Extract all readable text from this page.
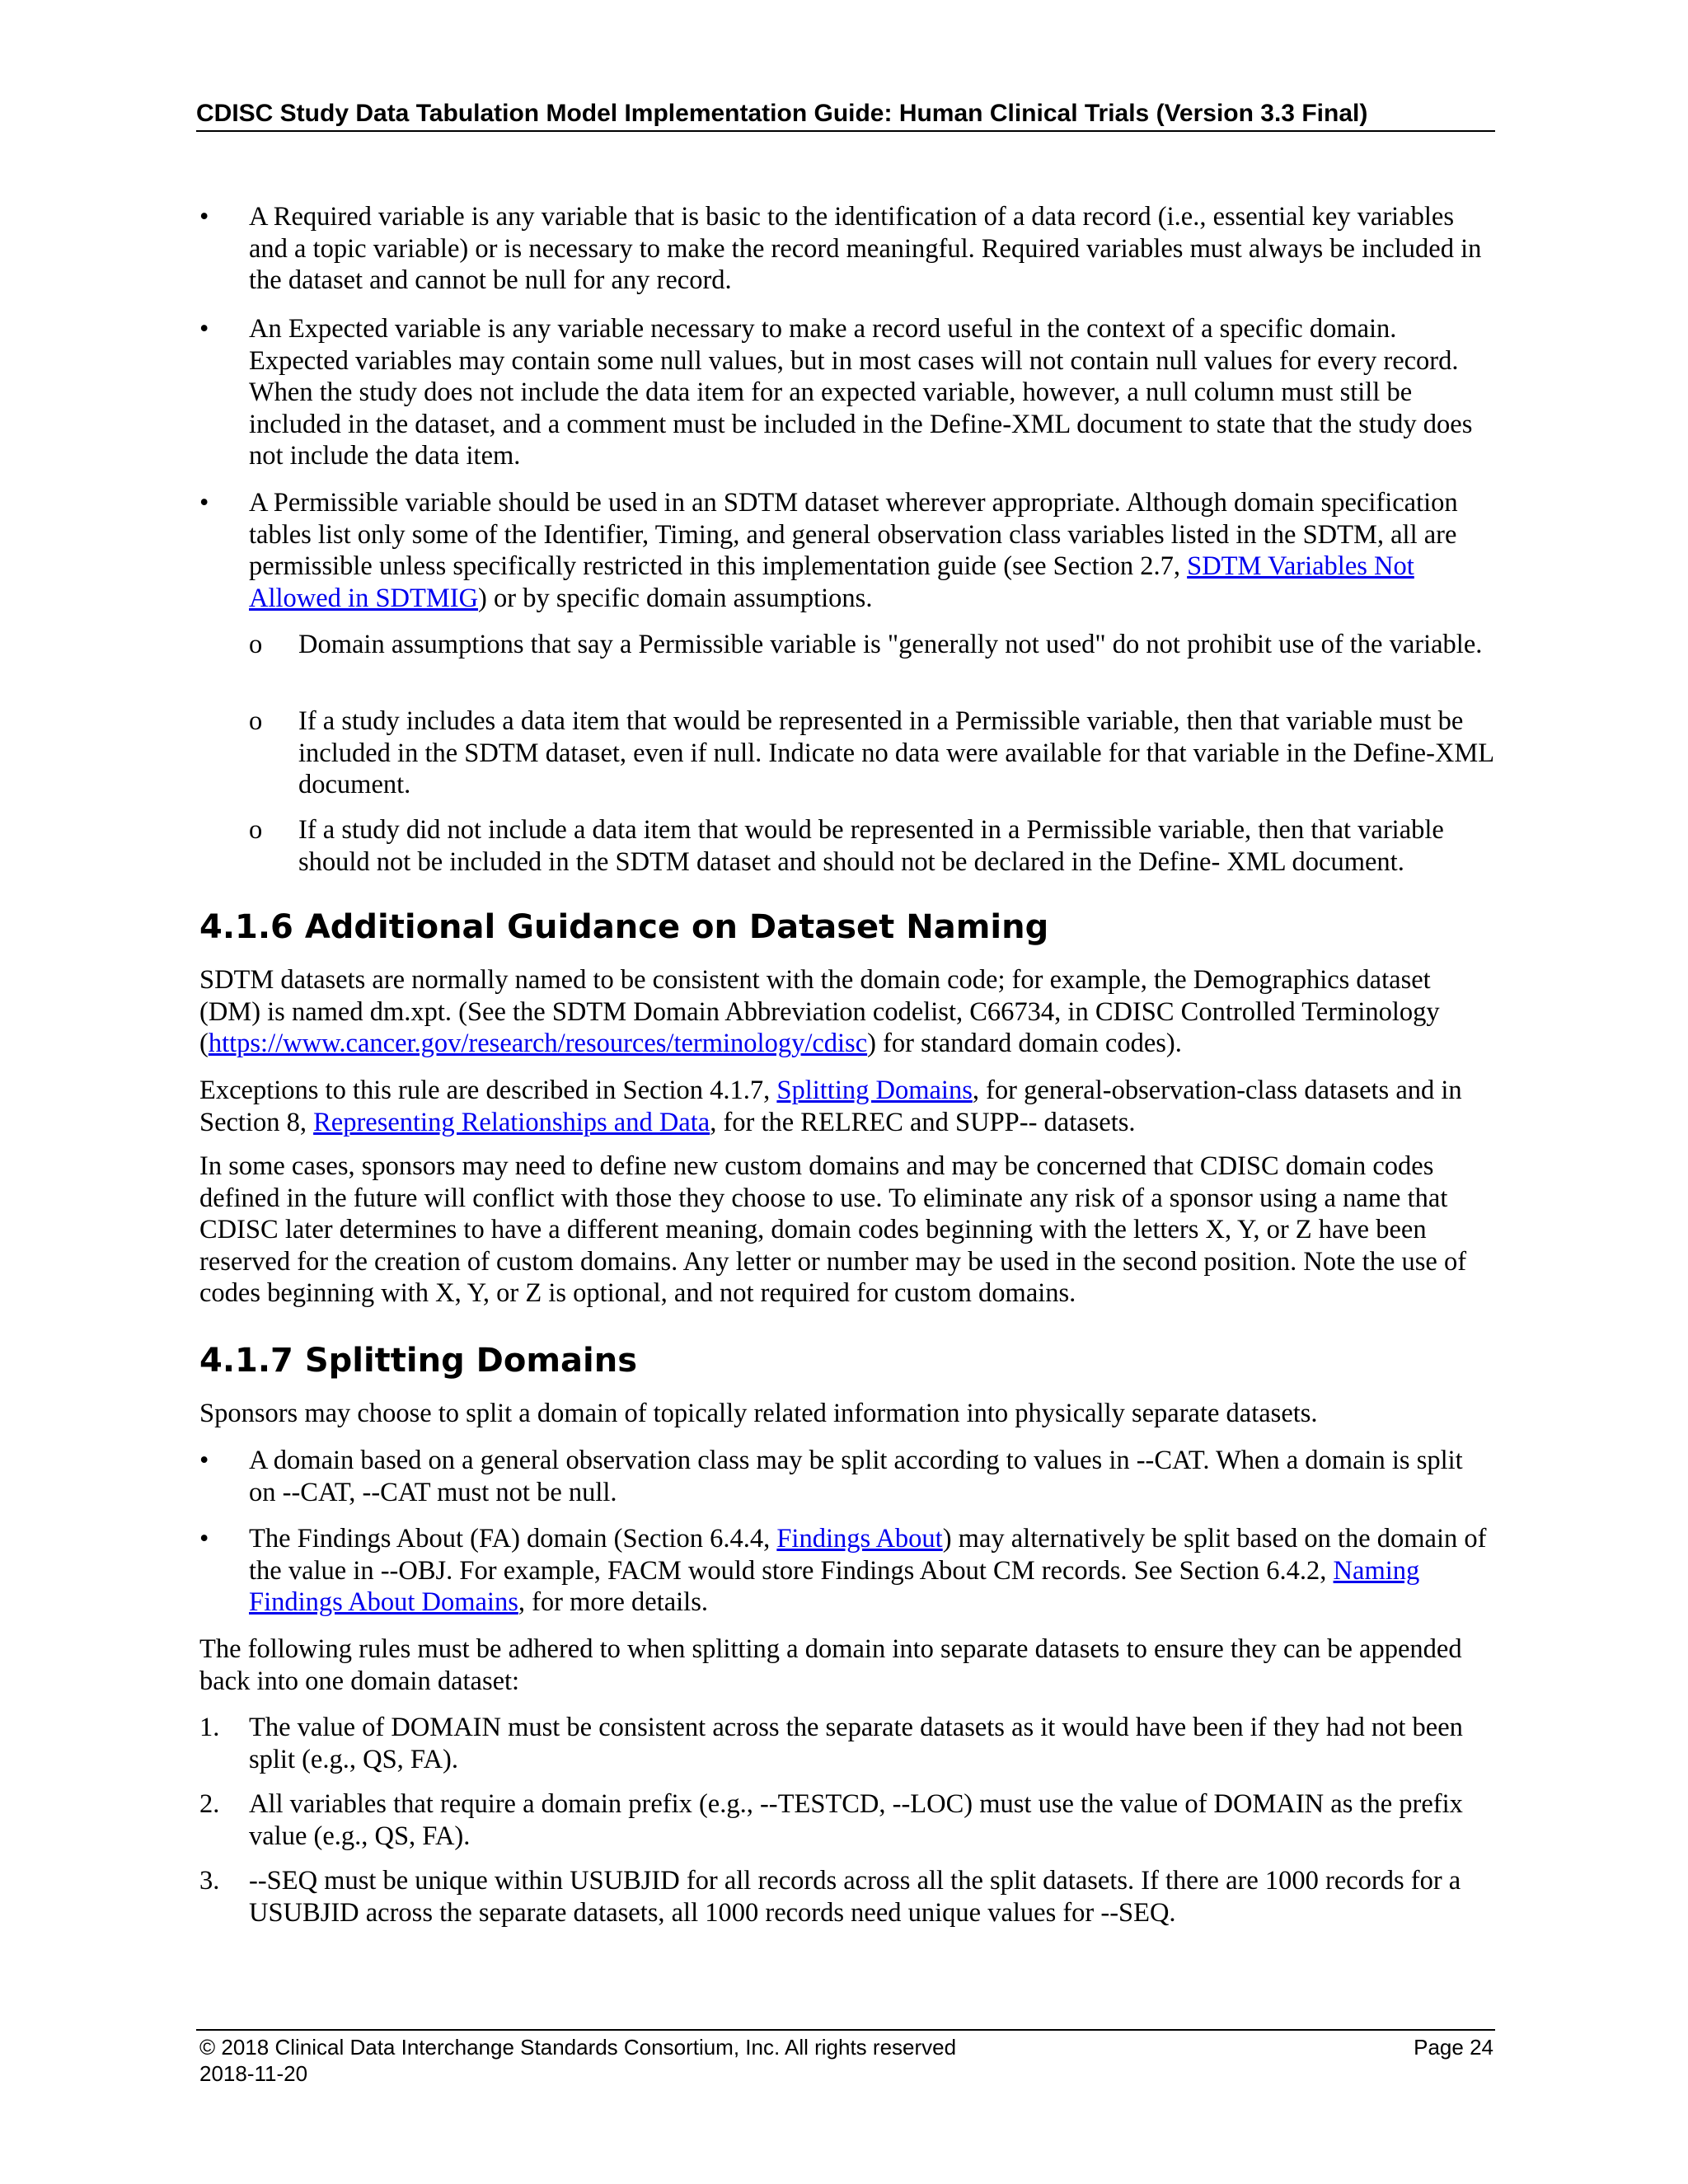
CDISC Study Data Tabulation Model Implementation Guide: Human Clinical Trials (Version 3.3 Final)
•	A Required variable is any variable that is basic to the identification of a data record (i.e., essential key variables and a topic variable) or is necessary to make the record meaningful. Required variables must always be included in the dataset and cannot be null for any record.

•	An Expected variable is any variable necessary to make a record useful in the context of a specific domain. Expected variables may contain some null values, but in most cases will not contain null values for every record. When the study does not include the data item for an expected variable, however, a null column must still be included in the dataset, and a comment must be included in the Define-XML document to state that the study does not include the data item.

•	A Permissible variable should be used in an SDTM dataset wherever appropriate. Although domain specification tables list only some of the Identifier, Timing, and general observation class variables listed in the SDTM, all are permissible unless specifically restricted in this implementation guide (see Section 2.7, SDTM Variables Not Allowed in SDTMIG) or by specific domain assumptions.

o	Domain assumptions that say a Permissible variable is "generally not used" do not prohibit use of the variable.

o	If a study includes a data item that would be represented in a Permissible variable, then that variable must be included in the SDTM dataset, even if null. Indicate no data were available for that variable in the Define-XML document.

o	If a study did not include a data item that would be represented in a Permissible variable, then that variable should not be included in the SDTM dataset and should not be declared in the Define- XML document.

4.1.6 Additional Guidance on Dataset Naming

SDTM datasets are normally named to be consistent with the domain code; for example, the Demographics dataset (DM) is named dm.xpt. (See the SDTM Domain Abbreviation codelist, C66734, in CDISC Controlled Terminology (https://www.cancer.gov/research/resources/terminology/cdisc) for standard domain codes).

Exceptions to this rule are described in Section 4.1.7, Splitting Domains, for general-observation-class datasets and in Section 8, Representing Relationships and Data, for the RELREC and SUPP-- datasets.

In some cases, sponsors may need to define new custom domains and may be concerned that CDISC domain codes defined in the future will conflict with those they choose to use. To eliminate any risk of a sponsor using a name that CDISC later determines to have a different meaning, domain codes beginning with the letters X, Y, or Z have been reserved for the creation of custom domains. Any letter or number may be used in the second position. Note the use of codes beginning with X, Y, or Z is optional, and not required for custom domains.

4.1.7 Splitting Domains

Sponsors may choose to split a domain of topically related information into physically separate datasets.

•	A domain based on a general observation class may be split according to values in --CAT. When a domain is split on --CAT, --CAT must not be null.

•	The Findings About (FA) domain (Section 6.4.4, Findings About) may alternatively be split based on the domain of the value in --OBJ. For example, FACM would store Findings About CM records. See Section 6.4.2, Naming Findings About Domains, for more details.

The following rules must be adhered to when splitting a domain into separate datasets to ensure they can be appended back into one domain dataset:

1.	The value of DOMAIN must be consistent across the separate datasets as it would have been if they had not been split (e.g., QS, FA).

2.	All variables that require a domain prefix (e.g., --TESTCD, --LOC) must use the value of DOMAIN as the prefix value (e.g., QS, FA).

3.	--SEQ must be unique within USUBJID for all records across all the split datasets. If there are 1000 records for a USUBJID across the separate datasets, all 1000 records need unique values for --SEQ.

© 2018 Clinical Data Interchange Standards Consortium, Inc. All rights reserved
2018-11-20
Page 24
